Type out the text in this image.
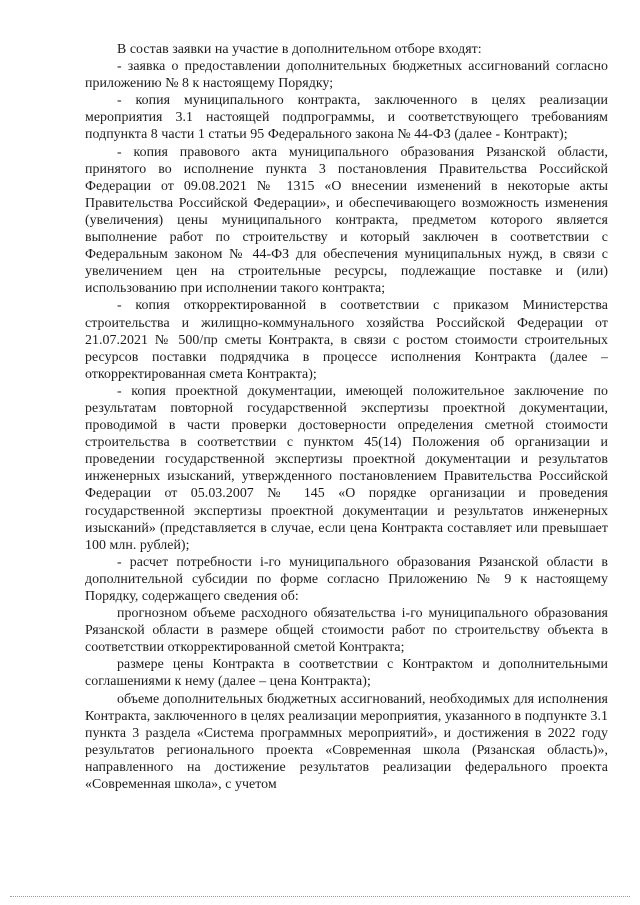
В состав заявки на участие в дополнительном отборе входят:

- заявка о предоставлении дополнительных бюджетных ассигнований согласно приложению № 8 к настоящему Порядку;

- копия муниципального контракта, заключенного в целях реализации мероприятия 3.1 настоящей подпрограммы, и соответствующего требованиям подпункта 8 части 1 статьи 95 Федерального закона № 44-ФЗ (далее - Контракт);

- копия правового акта муниципального образования Рязанской области, принятого во исполнение пункта 3 постановления Правительства Российской Федерации от 09.08.2021 № 1315 «О внесении изменений в некоторые акты Правительства Российской Федерации», и обеспечивающего возможность изменения (увеличения) цены муниципального контракта, предметом которого является выполнение работ по строительству и который заключен в соответствии с Федеральным законом № 44-ФЗ для обеспечения муниципальных нужд, в связи с увеличением цен на строительные ресурсы, подлежащие поставке и (или) использованию при исполнении такого контракта;

- копия откорректированной в соответствии с приказом Министерства строительства и жилищно-коммунального хозяйства Российской Федерации от 21.07.2021 № 500/пр сметы Контракта, в связи с ростом стоимости строительных ресурсов поставки подрядчика в процессе исполнения Контракта (далее – откорректированная смета Контракта);

- копия проектной документации, имеющей положительное заключение по результатам повторной государственной экспертизы проектной документации, проводимой в части проверки достоверности определения сметной стоимости строительства в соответствии с пунктом 45(14) Положения об организации и проведении государственной экспертизы проектной документации и результатов инженерных изысканий, утвержденного постановлением Правительства Российской Федерации от 05.03.2007 № 145 «О порядке организации и проведения государственной экспертизы проектной документации и результатов инженерных изысканий» (представляется в случае, если цена Контракта составляет или превышает 100 млн. рублей);

- расчет потребности i-го муниципального образования Рязанской области в дополнительной субсидии по форме согласно Приложению № 9 к настоящему Порядку, содержащего сведения об:

прогнозном объеме расходного обязательства i-го муниципального образования Рязанской области в размере общей стоимости работ по строительству объекта в соответствии откорректированной сметой Контракта;

размере цены Контракта в соответствии с Контрактом и дополнительными соглашениями к нему (далее – цена Контракта);

объеме дополнительных бюджетных ассигнований, необходимых для исполнения Контракта, заключенного в целях реализации мероприятия, указанного в подпункте 3.1 пункта 3 раздела «Система программных мероприятий», и достижения в 2022 году результатов регионального проекта «Современная школа (Рязанская область)», направленного на достижение результатов реализации федерального проекта «Современная школа», с учетом
